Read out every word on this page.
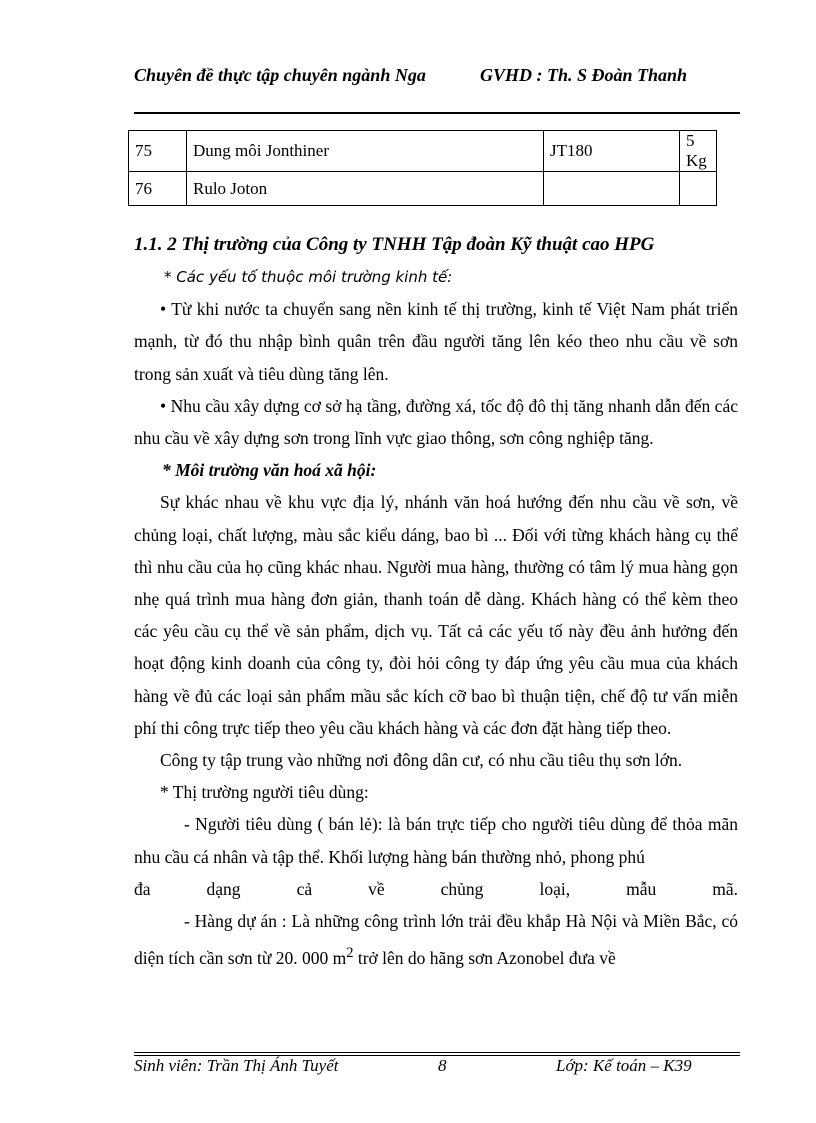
Chuyên đề thực tập chuyên ngành Nga	GVHD : Th. S Đoàn Thanh
75	Dung môi Jonthiner	JT180	5 Kg
76	Rulo Joton		

1.1. 2 Thị trường của Công ty TNHH Tập đoàn Kỹ thuật cao HPG

* Các yếu tố thuộc môi trường kinh tế:

• Từ khi nước ta chuyển sang nền kinh tế thị trường, kinh tế Việt Nam phát triển mạnh, từ đó thu nhập bình quân trên đầu người tăng lên kéo theo nhu cầu về sơn trong sản xuất và tiêu dùng tăng lên.

• Nhu cầu xây dựng cơ sở hạ tầng, đường xá, tốc độ đô thị tăng nhanh dẫn đến các nhu cầu về xây dựng sơn trong lĩnh vực giao thông, sơn công nghiệp tăng.

* Môi trường văn hoá xã hội:

Sự khác nhau về khu vực địa lý, nhánh văn hoá hướng đến nhu cầu về sơn, về chủng loại, chất lượng, màu sắc kiểu dáng, bao bì ... Đối với từng khách hàng cụ thể thì nhu cầu của họ cũng khác nhau. Người mua hàng, thường có tâm lý mua hàng gọn nhẹ quá trình mua hàng đơn giản, thanh toán dễ dàng. Khách hàng có thể kèm theo các yêu cầu cụ thể về sản phẩm, dịch vụ. Tất cả các yếu tố này đều ảnh hưởng đến hoạt động kinh doanh của công ty, đòi hỏi công ty đáp ứng yêu cầu mua của khách hàng về đủ các loại sản phẩm mầu sắc kích cỡ bao bì thuận tiện, chế độ tư vấn miễn phí thi công trực tiếp theo yêu cầu khách hàng và các đơn đặt hàng tiếp theo.

Công ty tập trung vào những nơi đông dân cư, có nhu cầu tiêu thụ sơn lớn.

* Thị trường người tiêu dùng:

- Người tiêu dùng ( bán lẻ): là bán trực tiếp cho người tiêu dùng để thỏa mãn nhu cầu cá nhân và tập thể. Khối lượng hàng bán thường nhỏ, phong phú

đa dạng cả về chủng loại, mẫu mã.

- Hàng dự án : Là những công trình lớn trải đều khắp Hà Nội và Miền Bắc, có diện tích cần sơn từ 20. 000 $m^2$ trở lên do hãng sơn Azonobel đưa về

Sinh viên: Trần Thị Ánh Tuyết	8	Lớp: Kế toán – K39
